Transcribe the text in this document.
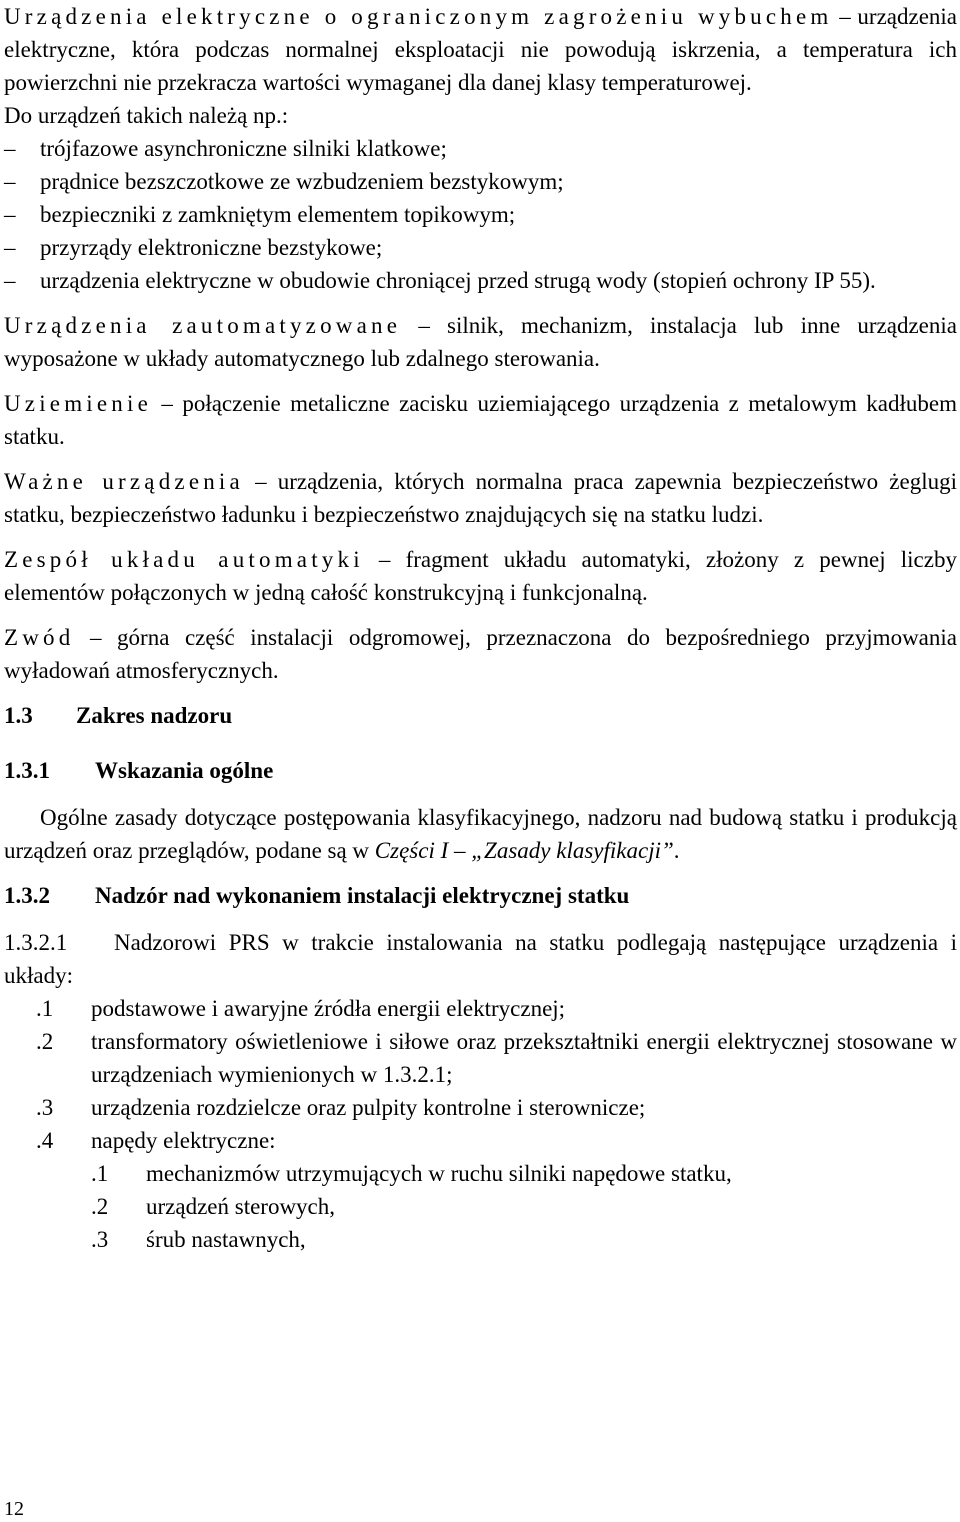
Urządzenia elektryczne o ograniczonym zagrożeniu wybuchem – urządzenia elektryczne, która podczas normalnej eksploatacji nie powodują iskrzenia, a temperatura ich powierzchni nie przekracza wartości wymaganej dla danej klasy temperaturowej.

Do urządzeń takich należą np.:

– trójfazowe asynchroniczne silniki klatkowe;
– prądnice bezszczotkowe ze wzbudzeniem bezstykowym;
– bezpieczniki z zamkniętym elementem topikowym;
– przyrządy elektroniczne bezstykowe;
– urządzenia elektryczne w obudowie chroniącej przed strugą wody (stopień ochrony IP 55).

Urządzenia zautomatyzowane – silnik, mechanizm, instalacja lub inne urządzenia wyposażone w układy automatycznego lub zdalnego sterowania.

Uziemienie – połączenie metaliczne zacisku uziemiającego urządzenia z metalowym kadłubem statku.

Ważne urządzenia – urządzenia, których normalna praca zapewnia bezpieczeństwo żeglugi statku, bezpieczeństwo ładunku i bezpieczeństwo znajdujących się na statku ludzi.

Zespół układu automatyki – fragment układu automatyki, złożony z pewnej liczby elementów połączonych w jedną całość konstrukcyjną i funkcjonalną.

Zwód – górna część instalacji odgromowej, przeznaczona do bezpośredniego przyjmowania wyładowań atmosferycznych.

1.3 Zakres nadzoru
1.3.1 Wskazania ogólne

Ogólne zasady dotyczące postępowania klasyfikacyjnego, nadzoru nad budową statku i produkcją urządzeń oraz przeglądów, podane są w Części I – „Zasady klasyfikacji”.

1.3.2 Nadzór nad wykonaniem instalacji elektrycznej statku

1.3.2.1 Nadzorowi PRS w trakcie instalowania na statku podlegają następujące urządzenia i układy:

.1 podstawowe i awaryjne źródła energii elektrycznej;
.2 transformatory oświetleniowe i siłowe oraz przekształtniki energii elektrycznej stosowane w urządzeniach wymienionych w 1.3.2.1;
.3 urządzenia rozdzielcze oraz pulpity kontrolne i sterownicze;
.4 napędy elektryczne:
.1 mechanizmów utrzymujących w ruchu silniki napędowe statku,
.2 urządzeń sterowych,
.3 śrub nastawnych,
12
